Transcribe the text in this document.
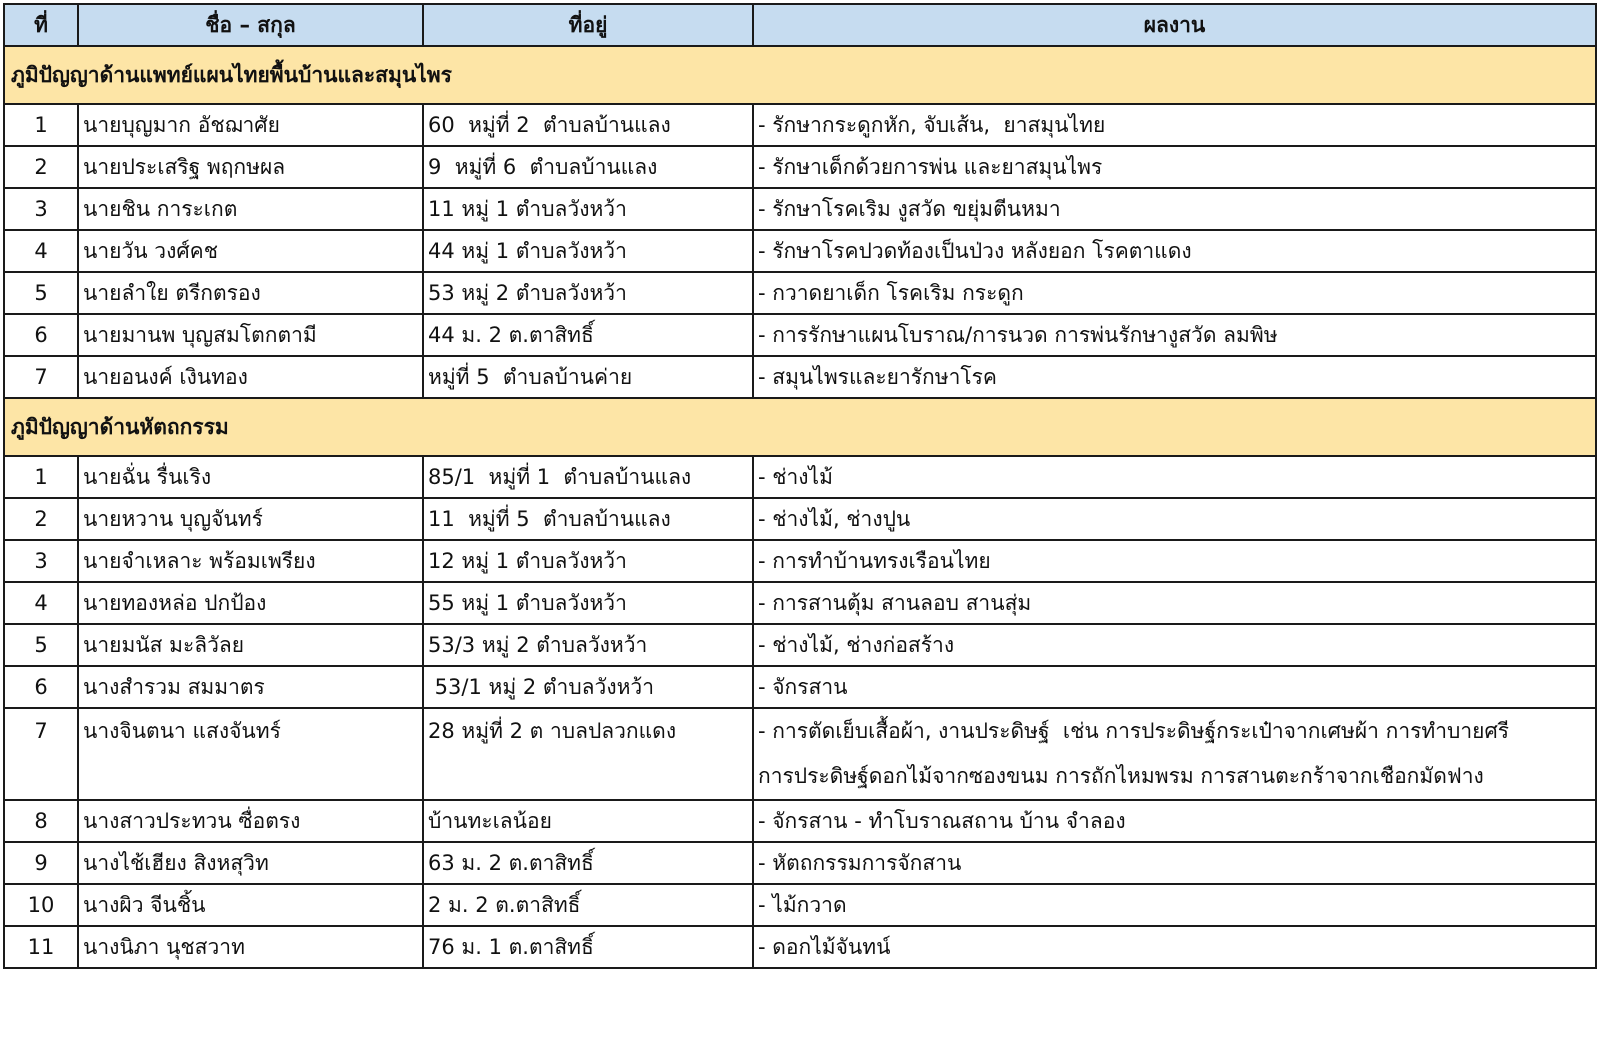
ที่	ชื่อ – สกุล	ที่อยู่	ผลงาน
ภูมิปัญญาด้านแพทย์แผนไทยพื้นบ้านและสมุนไพร			
1	นายบุญมาก อัชฌาศัย	60  หมู่ที่ 2  ตำบลบ้านแลง	- รักษากระดูกหัก, จับเส้น,  ยาสมุนไทย

2	นายประเสริฐ พฤกษผล	9  หมู่ที่ 6  ตำบลบ้านแลง	- รักษาเด็กด้วยการพ่น และยาสมุนไพร

3	นายชิน การะเกต	11 หมู่ 1 ตำบลวังหว้า	- รักษาโรคเริม งูสวัด ขยุ่มตีนหมา

4	นายวัน วงศ์คช	44 หมู่ 1 ตำบลวังหว้า	- รักษาโรคปวดท้องเป็นป่วง หลังยอก โรคตาแดง

5	นายลำใย ตรีกตรอง	53 หมู่ 2 ตำบลวังหว้า	- กวาดยาเด็ก โรคเริม กระดูก

6	นายมานพ บุญสมโตกตามี	44 ม. 2 ต.ตาสิทธิ์	- การรักษาแผนโบราณ/การนวด การพ่นรักษางูสวัด ลมพิษ

7	นายอนงค์ เงินทอง	หมู่ที่ 5  ตำบลบ้านค่าย	- สมุนไพรและยารักษาโรค

ภูมิปัญญาด้านหัตถกรรม			
1	นายฉั่น รื่นเริง	85/1  หมู่ที่ 1  ตำบลบ้านแลง	- ช่างไม้

2	นายหวาน บุญจันทร์	11  หมู่ที่ 5  ตำบลบ้านแลง	- ช่างไม้, ช่างปูน

3	นายจำเหลาะ พร้อมเพรียง	12 หมู่ 1 ตำบลวังหว้า	- การทำบ้านทรงเรือนไทย

4	นายทองหล่อ ปกป้อง	55 หมู่ 1 ตำบลวังหว้า	- การสานตุ้ม สานลอบ สานสุ่ม

5	นายมนัส มะลิวัลย	53/3 หมู่ 2 ตำบลวังหว้า	- ช่างไม้, ช่างก่อสร้าง

6	นางสำรวม สมมาตร	53/1 หมู่ 2 ตำบลวังหว้า	- จักรสาน

7	นางจินตนา แสงจันทร์	28 หมู่ที่ 2 ต าบลปลวกแดง	- การตัดเย็บเสื้อผ้า, งานประดิษฐ์  เช่น การประดิษฐ์กระเป๋าจากเศษผ้า การทำบายศรี
การประดิษฐ์ดอกไม้จากซองขนม การถักไหมพรม การสานตะกร้าจากเชือกมัดฟาง

8	นางสาวประทวน ซื่อตรง	บ้านทะเลน้อย	- จักรสาน - ทำโบราณสถาน บ้าน จำลอง

9	นางไช้เฮียง สิงหสุวิท	63 ม. 2 ต.ตาสิทธิ์	- หัตถกรรมการจักสาน

10	นางผิว จีนชิ้น	2 ม. 2 ต.ตาสิทธิ์	- ไม้กวาด

11	นางนิภา นุชสวาท	76 ม. 1 ต.ตาสิทธิ์	- ดอกไม้จันทน์
